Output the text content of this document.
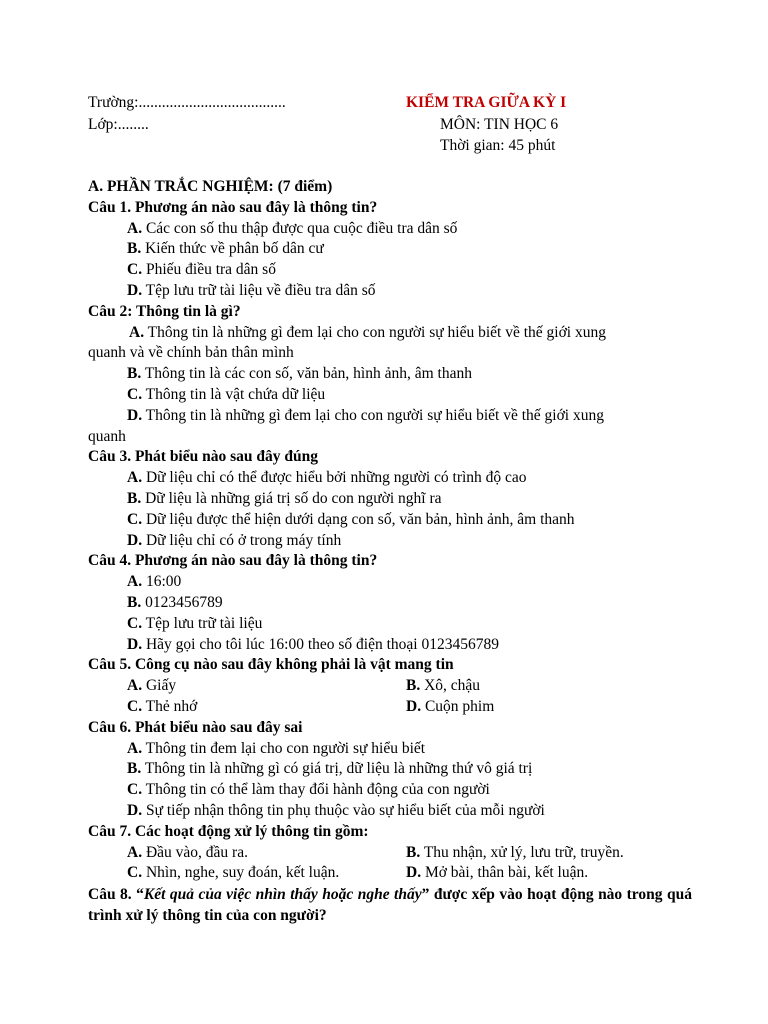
Trường:......................................
Lớp:........
KIỂM TRA GIỮA KỲ I
MÔN: TIN HỌC 6
Thời gian: 45 phút
A. PHẦN TRẮC NGHIỆM: (7 điểm)
Câu 1. Phương án nào sau đây là thông tin?
A. Các con số thu thập được qua cuộc điều tra dân số
B. Kiến thức về phân bố dân cư
C. Phiếu điều tra dân số
D. Tệp lưu trữ tài liệu về điều tra dân số
Câu 2: Thông tin là gì?
A. Thông tin là những gì đem lại cho con người sự hiểu biết về thế giới xung
quanh và về chính bản thân mình
B. Thông tin là các con số, văn bản, hình ảnh, âm thanh
C. Thông tin là vật chứa dữ liệu
D. Thông tin là những gì đem lại cho con người sự hiểu biết về thế giới xung
quanh
Câu 3. Phát biểu nào sau đây đúng
A. Dữ liệu chỉ có thể được hiểu bởi những người có trình độ cao
B. Dữ liệu là những giá trị số do con người nghĩ ra
C. Dữ liệu được thể hiện dưới dạng con số, văn bản, hình ảnh, âm thanh
D. Dữ liệu chỉ có ở trong máy tính
Câu 4. Phương án nào sau đây là thông tin?
A. 16:00
B. 0123456789
C. Tệp lưu trữ tài liệu
D. Hãy gọi cho tôi lúc 16:00 theo số điện thoại 0123456789
Câu 5. Công cụ nào sau đây không phải là vật mang tin
A. Giấy	B. Xô, chậu
C. Thẻ nhớ	D. Cuộn phim
Câu 6. Phát biểu nào sau đây sai
A. Thông tin đem lại cho con người sự hiểu biết
B. Thông tin là những gì có giá trị, dữ liệu là những thứ vô giá trị
C. Thông tin có thể làm thay đổi hành động của con người
D. Sự tiếp nhận thông tin phụ thuộc vào sự hiểu biết của mỗi người
Câu 7. Các hoạt động xử lý thông tin gồm:
A. Đầu vào, đầu ra.	B. Thu nhận, xử lý, lưu trữ, truyền.
C. Nhìn, nghe, suy đoán, kết luận.	D. Mở bài, thân bài, kết luận.
Câu 8. “Kết quả của việc nhìn thấy hoặc nghe thấy” được xếp vào hoạt động nào trong quá trình xử lý thông tin của con người?
